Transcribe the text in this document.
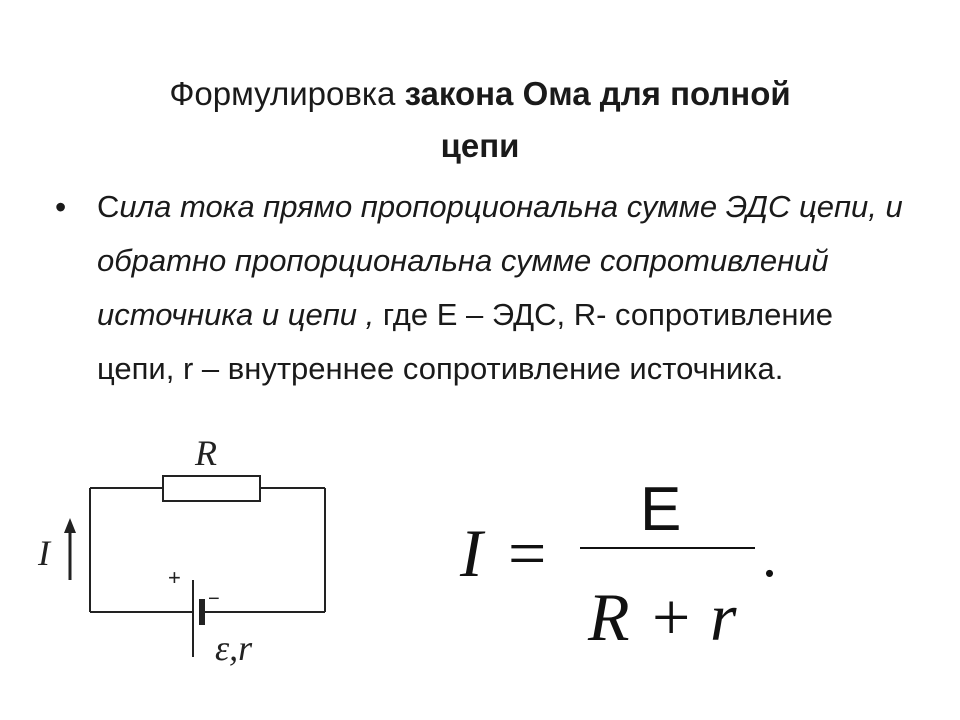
Формулировка закона Ома для полной
цепи
• Сила тока прямо пропорциональна сумме ЭДС цепи, и обратно пропорциональна сумме сопротивлений источника и цепи , где Е – ЭДС, R- сопротивление цепи, r – внутреннее сопротивление источника.
R
+
−
ε,r
I	I =
Е
R + r
.
